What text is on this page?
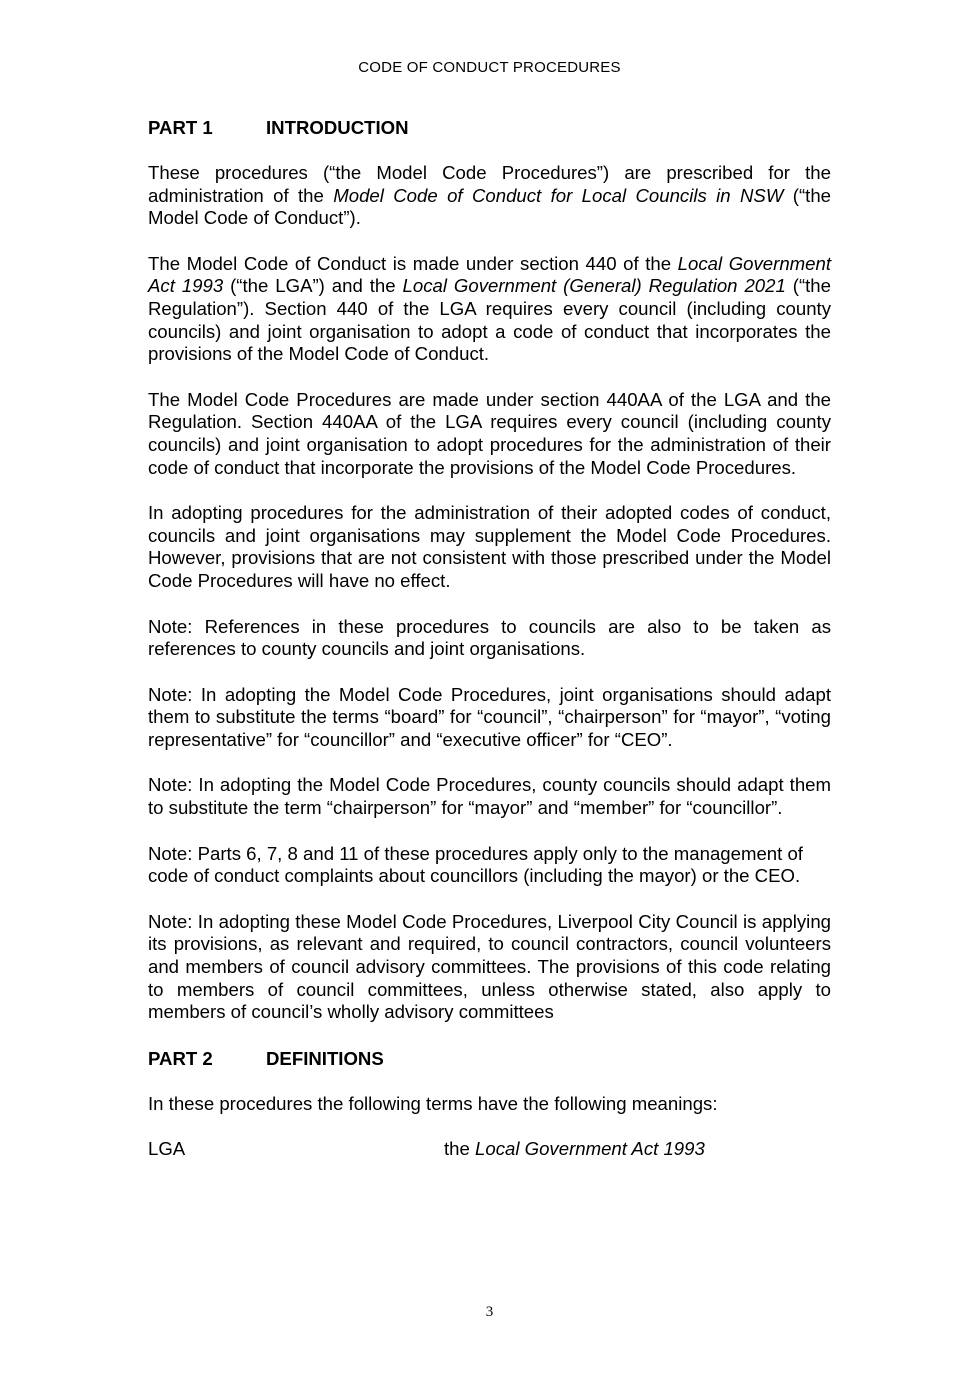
CODE OF CONDUCT PROCEDURES
PART 1	INTRODUCTION

These procedures (“the Model Code Procedures”) are prescribed for the administration of the Model Code of Conduct for Local Councils in NSW (“the Model Code of Conduct”).

The Model Code of Conduct is made under section 440 of the Local Government Act 1993 (“the LGA”) and the Local Government (General) Regulation 2021 (“the Regulation”). Section 440 of the LGA requires every council (including county councils) and joint organisation to adopt a code of conduct that incorporates the provisions of the Model Code of Conduct.

The Model Code Procedures are made under section 440AA of the LGA and the Regulation. Section 440AA of the LGA requires every council (including county councils) and joint organisation to adopt procedures for the administration of their code of conduct that incorporate the provisions of the Model Code Procedures.

In adopting procedures for the administration of their adopted codes of conduct, councils and joint organisations may supplement the Model Code Procedures. However, provisions that are not consistent with those prescribed under the Model Code Procedures will have no effect.

Note: References in these procedures to councils are also to be taken as references to county councils and joint organisations.

Note: In adopting the Model Code Procedures, joint organisations should adapt them to substitute the terms “board” for “council”, “chairperson” for “mayor”, “voting representative” for “councillor” and “executive officer” for “CEO”.

Note: In adopting the Model Code Procedures, county councils should adapt them to substitute the term “chairperson” for “mayor” and “member” for “councillor”.

Note: Parts 6, 7, 8 and 11 of these procedures apply only to the management of code of conduct complaints about councillors (including the mayor) or the CEO.

Note: In adopting these Model Code Procedures, Liverpool City Council is applying its provisions, as relevant and required, to council contractors, council volunteers and members of council advisory committees. The provisions of this code relating to members of council committees, unless otherwise stated, also apply to members of council’s wholly advisory committees

PART 2	DEFINITIONS

In these procedures the following terms have the following meanings:

LGA	the Local Government Act 1993
3
